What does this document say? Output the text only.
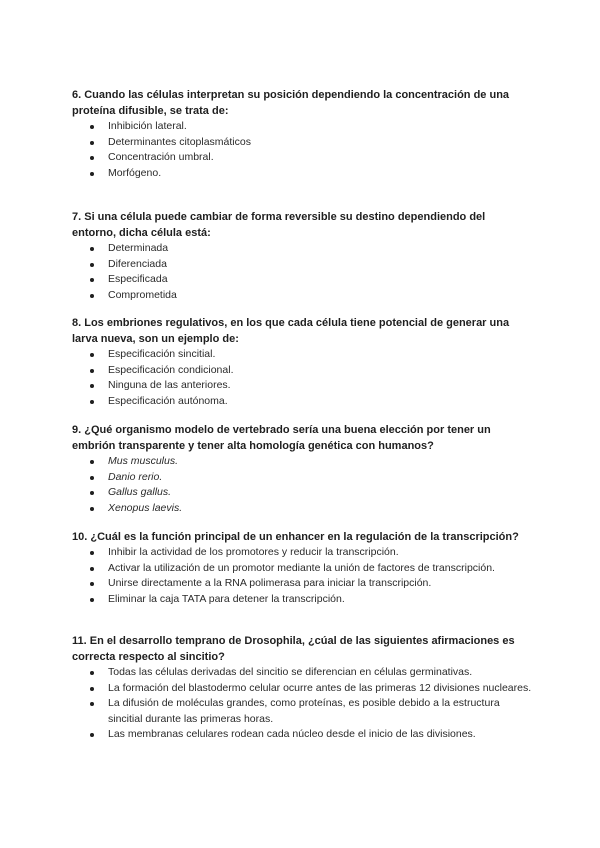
6. Cuando las células interpretan su posición dependiendo la concentración de una proteína difusible, se trata de:

Inhibición lateral.
Determinantes citoplasmáticos
Concentración umbral.
Morfógeno.

7. Si una célula puede cambiar de forma reversible su destino dependiendo del entorno, dicha célula está:

Determinada
Diferenciada
Especificada
Comprometida

8. Los embriones regulativos, en los que cada célula tiene potencial de generar una larva nueva, son un ejemplo de:

Especificación sincitial.
Especificación condicional.
Ninguna de las anteriores.
Especificación autónoma.

9. ¿Qué organismo modelo de vertebrado sería una buena elección por tener un embrión transparente y tener alta homología genética con humanos?

Mus musculus.
Danio rerio.
Gallus gallus.
Xenopus laevis.

10. ¿Cuál es la función principal de un enhancer en la regulación de la transcripción?

Inhibir la actividad de los promotores y reducir la transcripción.
Activar la utilización de un promotor mediante la unión de factores de transcripción.
Unirse directamente a la RNA polimerasa para iniciar la transcripción.
Eliminar la caja TATA para detener la transcripción.

11. En el desarrollo temprano de Drosophila, ¿cúal de las siguientes afirmaciones es correcta respecto al sincitio?

Todas las células derivadas del sincitio se diferencian en células germinativas.
La formación del blastodermo celular ocurre antes de las primeras 12 divisiones nucleares.
La difusión de moléculas grandes, como proteínas, es posible debido a la estructura sincitial durante las primeras horas.
Las membranas celulares rodean cada núcleo desde el inicio de las divisiones.
